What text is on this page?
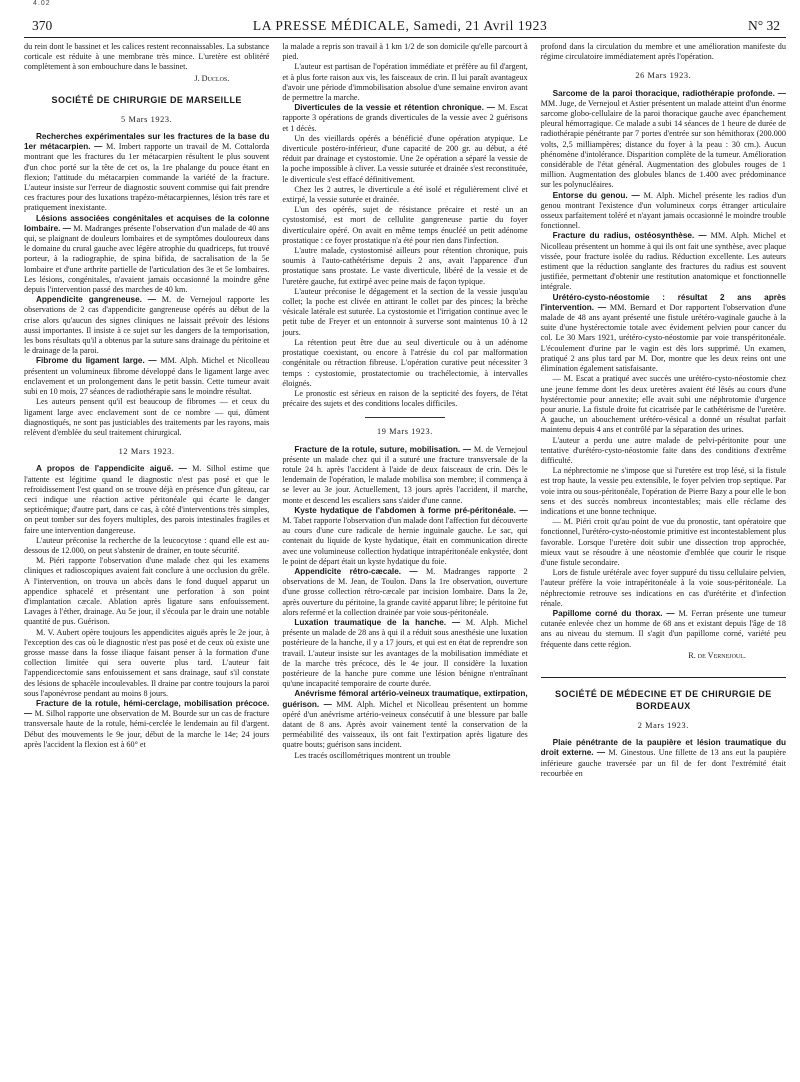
4.02
370	LA PRESSE MÉDICALE, Samedi, 21 Avril 1923	N° 32

du rein dont le bassinet et les calices restent reconnaissables. La substance corticale est réduite à une membrane très mince. L'uretère est oblitéré complètement à son embouchure dans le bassinet.

J. Duclos.
SOCIÉTÉ DE CHIRURGIE DE MARSEILLE
5 Mars 1923.

Recherches expérimentales sur les fractures de la base du 1er métacarpien. — M. Imbert rapporte un travail de M. Cottalorda montrant que les fractures du 1er métacarpien résultent le plus souvent d'un choc porté sur la tête de cet os, la 1re phalange du pouce étant en flexion; l'attitude du métacarpien commande la variété de la fracture. L'auteur insiste sur l'erreur de diagnostic souvent commise qui fait prendre ces fractures pour des luxations trapézo-métacarpiennes, lésion très rare et pratiquement inexistante.

Lésions associées congénitales et acquises de la colonne lombaire. — M. Madranges présente l'observation d'un malade de 40 ans qui, se plaignant de douleurs lombaires et de symptômes douloureux dans le domaine du crural gauche avec légère atrophie du quadriceps, fut trouvé porteur, à la radiographie, de spina bifida, de sacralisation de la 5e lombaire et d'une arthrite partielle de l'articulation des 3e et 5e lombaires. Les lésions, congénitales, n'avaient jamais occasionné la moindre gêne depuis l'intervention passé des marches de 40 km.

Appendicite gangreneuse. — M. de Vernejoul rapporte les observations de 2 cas d'appendicite gangreneuse opérés au début de la crise alors qu'aucun des signes cliniques ne laissait prévoir des lésions aussi importantes. Il insiste à ce sujet sur les dangers de la temporisation, les bons résultats qu'il a obtenus par la suture sans drainage du péritoine et le drainage de la paroi.

Fibrome du ligament large. — MM. Alph. Michel et Nicolleau présentent un volumineux fibrome développé dans le ligament large avec enclavement et un prolongement dans le petit bassin. Cette tumeur avait subi en 10 mois, 27 séances de radiothérapie sans le moindre résultat.

Les auteurs pensent qu'il est beaucoup de fibromes — et ceux du ligament large avec enclavement sont de ce nombre — qui, dûment diagnostiqués, ne sont pas justiciables des traitements par les rayons, mais relèvent d'emblée du seul traitement chirurgical.

12 Mars 1923.

A propos de l'appendicite aiguë. — M. Silhol estime que l'attente est légitime quand le diagnostic n'est pas posé et que le refroidissement l'est quand on se trouve déjà en présence d'un gâteau, car ceci indique une réaction active péritonéale qui écarte le danger septicémique; d'autre part, dans ce cas, à côté d'interventions très simples, on peut tomber sur des foyers multiples, des parois intestinales fragiles et faire une intervention dangereuse.

L'auteur préconise la recherche de la leucocytose : quand elle est au-dessous de 12.000, on peut s'abstenir de drainer, en toute sécurité.

M. Piéri rapporte l'observation d'une malade chez qui les examens cliniques et radioscopiques avaient fait conclure à une occlusion du grêle. A l'intervention, on trouva un abcès dans le fond duquel apparut un appendice sphacelé et présentant une perforation à son point d'implantation cæcale. Ablation après ligature sans enfouissement. Lavages à l'éther, drainage. Au 5e jour, il s'écoula par le drain une notable quantité de pus. Guérison.

M. V. Aubert opère toujours les appendicites aiguës après le 2e jour, à l'exception des cas où le diagnostic n'est pas posé et de ceux où existe une grosse masse dans la fosse iliaque faisant penser à la formation d'une collection limitée qui sera ouverte plus tard. L'auteur fait l'appendicectomie sans enfouissement et sans drainage, sauf s'il constate des lésions de sphacèle incoulevables. Il draine par contre toujours la paroi sous l'aponévrose pendant au moins 8 jours.

Fracture de la rotule, hémi-cerclage, mobilisation précoce. — M. Silhol rapporte une observation de M. Bourde sur un cas de fracture transversale haute de la rotule, hémi-cerclée le lendemain au fil d'argent. Début des mouvements le 9e jour, début de la marche le 14e; 24 jours après l'accident la flexion est à 60° et

la malade a repris son travail à 1 km 1/2 de son domicile qu'elle parcourt à pied.

L'auteur est partisan de l'opération immédiate et préfère au fil d'argent, et à plus forte raison aux vis, les faisceaux de crin. Il lui paraît avantageux d'avoir une période d'immobilisation absolue d'une semaine environ avant de permettre la marche.

Diverticules de la vessie et rétention chronique. — M. Escat rapporte 3 opérations de grands diverticules de la vessie avec 2 guérisons et 1 décès.

Un des vieillards opérés a bénéficié d'une opération atypique. Le diverticule postéro-inférieur, d'une capacité de 200 gr. au début, a été réduit par drainage et cystostomie. Une 2e opération a séparé la vessie de la poche impossible à cliver. La vessie suturée et drainée s'est reconstituée, le diverticule s'est effacé définitivement.

Chez les 2 autres, le diverticule a été isolé et régulièrement clivé et extirpé, la vessie suturée et drainée.

L'un des opérés, sujet de résistance précaire et resté un an cystostomisé, est mort de cellulite gangreneuse partie du foyer diverticulaire opéré. On avait en même temps énucléé un petit adénome prostatique : ce foyer prostatique n'a été pour rien dans l'infection.

L'autre malade, cystostomisé ailleurs pour rétention chronique, puis soumis à l'auto-cathétérisme depuis 2 ans, avait l'apparence d'un prostatique sans prostate. Le vaste diverticule, libéré de la vessie et de l'uretère gauche, fut extirpé avec peine mais de façon typique.

L'auteur préconise le dégagement et la section de la vessie jusqu'au collet; la poche est clivée en attirant le collet par des pinces; la brèche vésicale latérale est suturée. La cystostomie et l'irrigation continue avec le petit tube de Freyer et un entonnoir à surverse sont maintenus 10 à 12 jours.

La rétention peut être due au seul diverticule ou à un adénome prostatique coexistant, ou encore à l'atrésie du col par malformation congénitale ou rétraction fibreuse. L'opération curative peut nécessiter 3 temps : cystostomie, prostatectomie ou trachélectomie, à intervalles éloignés.

Le pronostic est sérieux en raison de la septicité des foyers, de l'état précaire des sujets et des conditions locales difficiles.

19 Mars 1923.

Fracture de la rotule, suture, mobilisation. — M. de Vernejoul présente un malade chez qui il a suturé une fracture transversale de la rotule 24 h. après l'accident à l'aide de deux faisceaux de crin. Dès le lendemain de l'opération, le malade mobilisa son membre; il commença à se lever au 3e jour. Actuellement, 13 jours après l'accident, il marche, monte et descend les escaliers sans s'aider d'une canne.

Kyste hydatique de l'abdomen à forme pré-péritonéale. — M. Tabet rapporte l'observation d'un malade dont l'affection fut découverte au cours d'une cure radicale de hernie inguinale gauche. Le sac, qui contenait du liquide de kyste hydatique, était en communication directe avec une volumineuse collection hydatique intrapéritonéale enkystée, dont le point de départ était un kyste hydatique du foie.

Appendicite rétro-cæcale. — M. Madranges rapporte 2 observations de M. Jean, de Toulon. Dans la 1re observation, ouverture d'une grosse collection rétro-cæcale par incision lombaire. Dans la 2e, après ouverture du péritoine, la grande cavité apparut libre; le péritoine fut alors refermé et la collection drainée par voie sous-péritonéale.

Luxation traumatique de la hanche. — M. Alph. Michel présente un malade de 28 ans à qui il a réduit sous anesthésie une luxation postérieure de la hanche, il y a 17 jours, et qui est en état de reprendre son travail. L'auteur insiste sur les avantages de la mobilisation immédiate et de la marche très précoce, dès le 4e jour. Il considère la luxation postérieure de la hanche pure comme une lésion bénigne n'entraînant qu'une incapacité temporaire de courte durée.

Anévrisme fémoral artério-veineux traumatique, extirpation, guérison. — MM. Alph. Michel et Nicolleau présentent un homme opéré d'un anévrisme artério-veineux consécutif à une blessure par balle datant de 8 ans. Après avoir vainement tenté la conservation de la perméabilité des vaisseaux, ils ont fait l'extirpation après ligature des quatre bouts; guérison sans incident.

Les tracés oscillométriques montrent un trouble

profond dans la circulation du membre et une amélioration manifeste du régime circulatoire immédiatement après l'opération.

26 Mars 1923.

Sarcome de la paroi thoracique, radiothérapie profonde. — MM. Juge, de Vernejoul et Astier présentent un malade atteint d'un énorme sarcome globo-cellulaire de la paroi thoracique gauche avec épanchement pleural hémorragique. Ce malade a subi 14 séances de 1 heure de durée de radiothérapie pénétrante par 7 portes d'entrée sur son hémithorax (200.000 volts, 2,5 milliampères; distance du foyer à la peau : 30 cm.). Aucun phénomène d'intolérance. Disparition complète de la tumeur. Amélioration considérable de l'état général. Augmentation des globules rouges de 1 million. Augmentation des globules blancs de 1.400 avec prédominance sur les polynucléaires.

Entorse du genou. — M. Alph. Michel présente les radios d'un genou montrant l'existence d'un volumineux corps étranger articulaire osseux parfaitement toléré et n'ayant jamais occasionné le moindre trouble fonctionnel.

Fracture du radius, ostéosynthèse. — MM. Alph. Michel et Nicolleau présentent un homme à qui ils ont fait une synthèse, avec plaque vissée, pour fracture isolée du radius. Réduction excellente. Les auteurs estiment que la réduction sanglante des fractures du radius est souvent justifiée, permettant d'obtenir une restitution anatomique et fonctionnelle intégrale.

Urétéro-cysto-néostomie : résultat 2 ans après l'intervention. — MM. Bernard et Dor rapportent l'observation d'une malade de 48 ans ayant présenté une fistule urétéro-vaginale gauche à la suite d'une hystérectomie totale avec évidement pelvien pour cancer du col. Le 30 Mars 1921, urétéro-cysto-néostomie par voie transpéritonéale. L'écoulement d'urine par le vagin est dès lors supprimé. Un examen, pratiqué 2 ans plus tard par M. Dor, montre que les deux reins ont une élimination également satisfaisante.

— M. Escat a pratiqué avec succès une urétéro-cysto-néostomie chez une jeune femme dont les deux uretères avaient été lésés au cours d'une hystérectomie pour annexite; elle avait subi une néphrotomie d'urgence pour anurie. La fistule droite fut cicatrisée par le cathétérisme de l'uretère. A gauche, un abouchement urétéro-vésical a donné un résultat parfait maintenu depuis 4 ans et contrôlé par la séparation des urines.

L'auteur a perdu une autre malade de pelvi-péritonite pour une tentative d'urétéro-cysto-néostomie faite dans des conditions d'extrême difficulté.

La néphrectomie ne s'impose que si l'uretère est trop lésé, si la fistule est trop haute, la vessie peu extensible, le foyer pelvien trop septique. Par voie intra ou sous-péritonéale, l'opération de Pierre Bazy a pour elle le bon sens et des succès nombreux incontestables; mais elle réclame des indications et une bonne technique.

— M. Piéri croit qu'au point de vue du pronostic, tant opératoire que fonctionnel, l'urétéro-cysto-néostomie primitive est incontestablement plus favorable. Lorsque l'uretère doit subir une dissection trop approchée, mieux vaut se résoudre à une néostomie d'emblée que courir le risque d'une fistule secondaire.

Lors de fistule urétérale avec foyer suppuré du tissu cellulaire pelvien, l'auteur préfère la voie intrapéritonéale à la voie sous-péritonéale. La néphrectomie retrouve ses indications en cas d'urétérite et d'infection rénale.

Papillome corné du thorax. — M. Ferran présente une tumeur cutanée enlevée chez un homme de 68 ans et existant depuis l'âge de 18 ans au niveau du sternum. Il s'agit d'un papillome corné, variété peu fréquente dans cette région.

R. de Vernejoul.
SOCIÉTÉ DE MÉDECINE ET DE CHIRURGIE DE BORDEAUX
2 Mars 1923.

Plaie pénétrante de la paupière et lésion traumatique du droit externe. — M. Ginestous. Une fillette de 13 ans eut la paupière inférieure gauche traversée par un fil de fer dont l'extrémité était recourbée en
